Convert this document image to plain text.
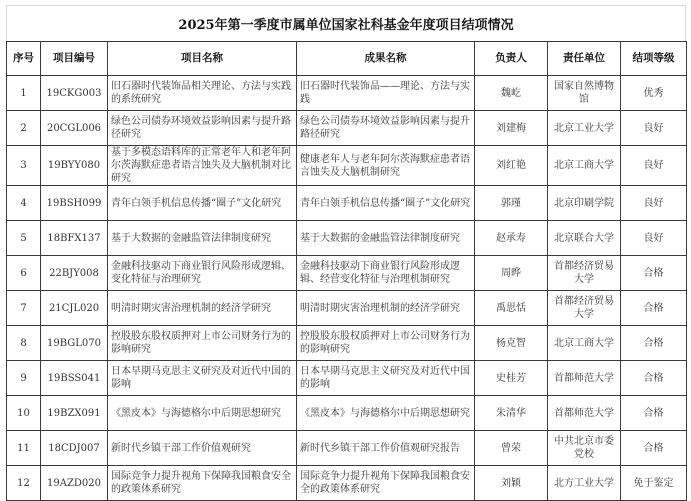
2025年第一季度市属单位国家社科基金年度项目结项情况
序号	项目编号	项目名称	成果名称	负责人	责任单位	结项等级
1	19CKG003	旧石器时代装饰品相关理论、方法与实践的系统研究	旧石器时代装饰品——理论、方法与实践	魏屹	国家自然博物馆	优秀
2	20CGL006	绿色公司债券环境效益影响因素与提升路径研究	绿色公司债券环境效益影响因素与提升路径研究	刘建梅	北京工业大学	良好
3	19BYY080	基于多模态语料库的正常老年人和老年阿尔茨海默症患者语言蚀失及大脑机制对比研究	健康老年人与老年阿尔茨海默症患者语言蚀失及大脑机制研究	刘红艳	北京工商大学	良好
4	19BSH099	青年白领手机信息传播“圈子”文化研究	青年白领手机信息传播“圈子”文化研究	郭瑾	北京印刷学院	良好
5	18BFX137	基于大数据的金融监管法律制度研究	基于大数据的金融监管法律制度研究	赵承寿	北京联合大学	良好
6	22BJY008	金融科技驱动下商业银行风险形成逻辑、变化特征与治理研究	金融科技驱动下商业银行风险形成逻辑、经营变化特征与治理机制研究	周晔	首都经济贸易大学	合格
7	21CJL020	明清时期灾害治理机制的经济学研究	明清时期灾害治理机制的经济学研究	禹思恬	首都经济贸易大学	合格
8	19BGL070	控股股东股权质押对上市公司财务行为的影响研究	控股股东股权质押对上市公司财务行为的影响研究	杨克智	北京工商大学	合格
9	19BSS041	日本早期马克思主义研究及对近代中国的影响	日本早期马克思主义研究及对近代中国的影响	史桂芳	首都师范大学	合格
10	19BZX091	《黑皮本》与海德格尔中后期思想研究	《黑皮本》与海德格尔中后期思想研究	朱清华	首都师范大学	合格
11	18CDJ007	新时代乡镇干部工作价值观研究	新时代乡镇干部工作价值观研究报告	曾荣	中共北京市委党校	合格
12	19AZD020	国际竞争力提升视角下保障我国粮食安全的政策体系研究	国际竞争力提升视角下保障我国粮食安全的政策体系研究	刘颖	北方工业大学	免于鉴定
